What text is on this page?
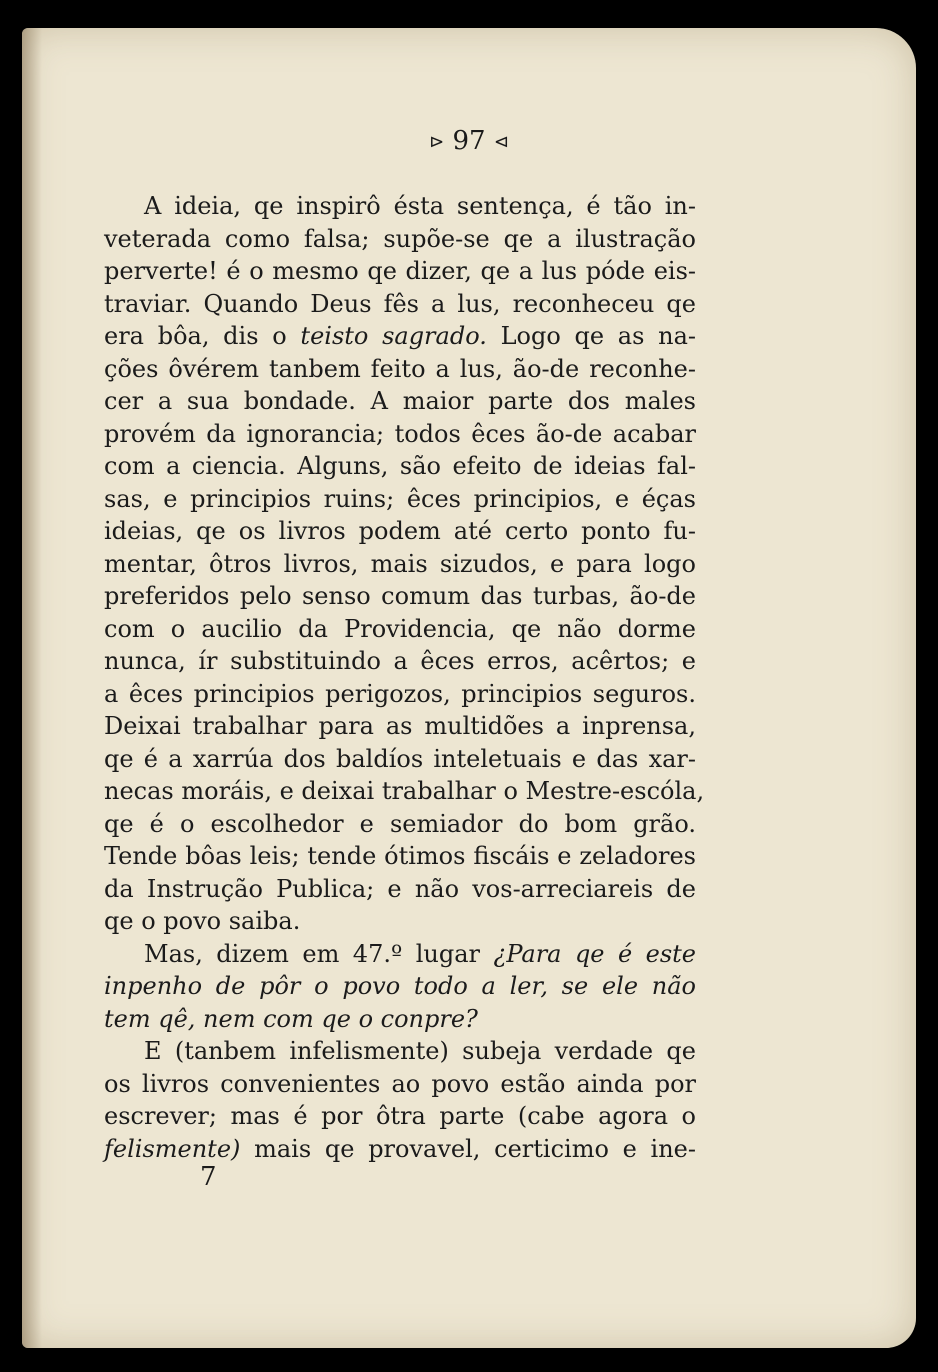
⊳ 97 ⊲
A ideia, qe inspirô ésta sentença, é tão in-
veterada como falsa; supõe-se qe a ilustração
perverte! é o mesmo qe dizer, qe a lus póde eis-
traviar. Quando Deus fês a lus, reconheceu qe
era bôa, dis o teisto sagrado. Logo qe as na-
ções ôvérem tanbem feito a lus, ão-de reconhe-
cer a sua bondade. A maior parte dos males
provém da ignorancia; todos êces ão-de acabar
com a ciencia. Alguns, são efeito de ideias fal-
sas, e principios ruins; êces principios, e éças
ideias, qe os livros podem até certo ponto fu-
mentar, ôtros livros, mais sizudos, e para logo
preferidos pelo senso comum das turbas, ão-de
com o aucilio da Providencia, qe não dorme
nunca, ír substituindo a êces erros, acêrtos; e
a êces principios perigozos, principios seguros.
Deixai trabalhar para as multidões a inprensa,
qe é a xarrúa dos baldíos inteletuais e das xar-
necas moráis, e deixai trabalhar o Mestre-escóla,
qe é o escolhedor e semiador do bom grão.
Tende bôas leis; tende ótimos fiscáis e zeladores
da Instrução Publica; e não vos-arreciareis de
qe o povo saiba.
Mas, dizem em 47.º lugar ¿Para qe é este
inpenho de pôr o povo todo a ler, se ele não
tem qê, nem com qe o conpre?
E (tanbem infelismente) subeja verdade qe
os livros convenientes ao povo estão ainda por
escrever; mas é por ôtra parte (cabe agora o
felismente) mais qe provavel, certicimo e ine-
7
